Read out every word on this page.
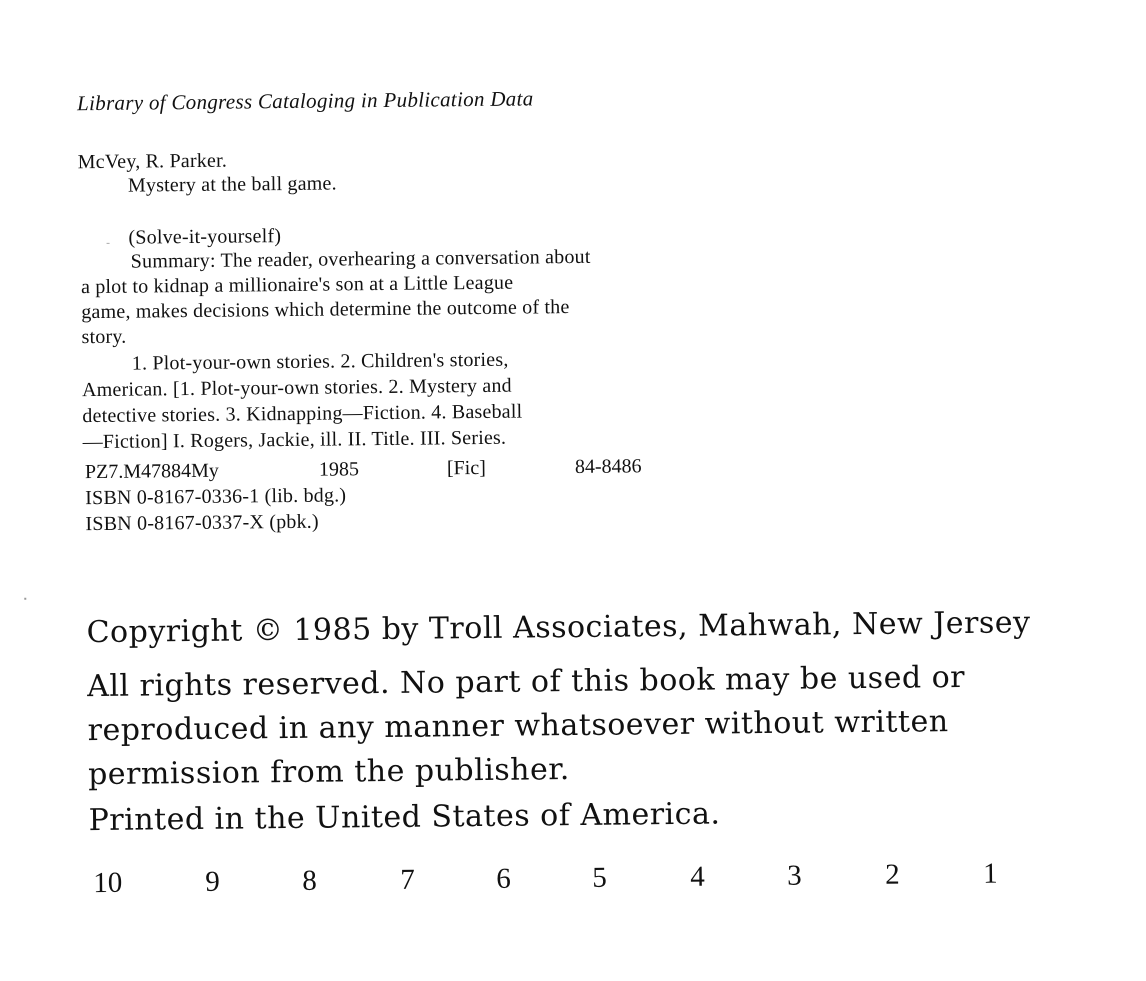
Library of Congress Cataloging in Publication Data
McVey, R. Parker.
Mystery at the ball game.
(Solve-it-yourself)
Summary: The reader, overhearing a conversation about
a plot to kidnap a millionaire's son at a Little League
game, makes decisions which determine the outcome of the
story.
1. Plot-your-own stories. 2. Children's stories,
American. [1. Plot-your-own stories. 2. Mystery and
detective stories. 3. Kidnapping—Fiction. 4. Baseball
—Fiction] I. Rogers, Jackie, ill. II. Title. III. Series.
PZ7.M47884My	1985	[Fic]	84-8486
ISBN 0-8167-0336-1 (lib. bdg.)
ISBN 0-8167-0337-X (pbk.)
Copyright © 1985 by Troll Associates, Mahwah, New Jersey
All rights reserved. No part of this book may be used or
reproduced in any manner whatsoever without written
permission from the publisher.
Printed in the United States of America.
10	9	8	7	6	5	4	3	2	1
